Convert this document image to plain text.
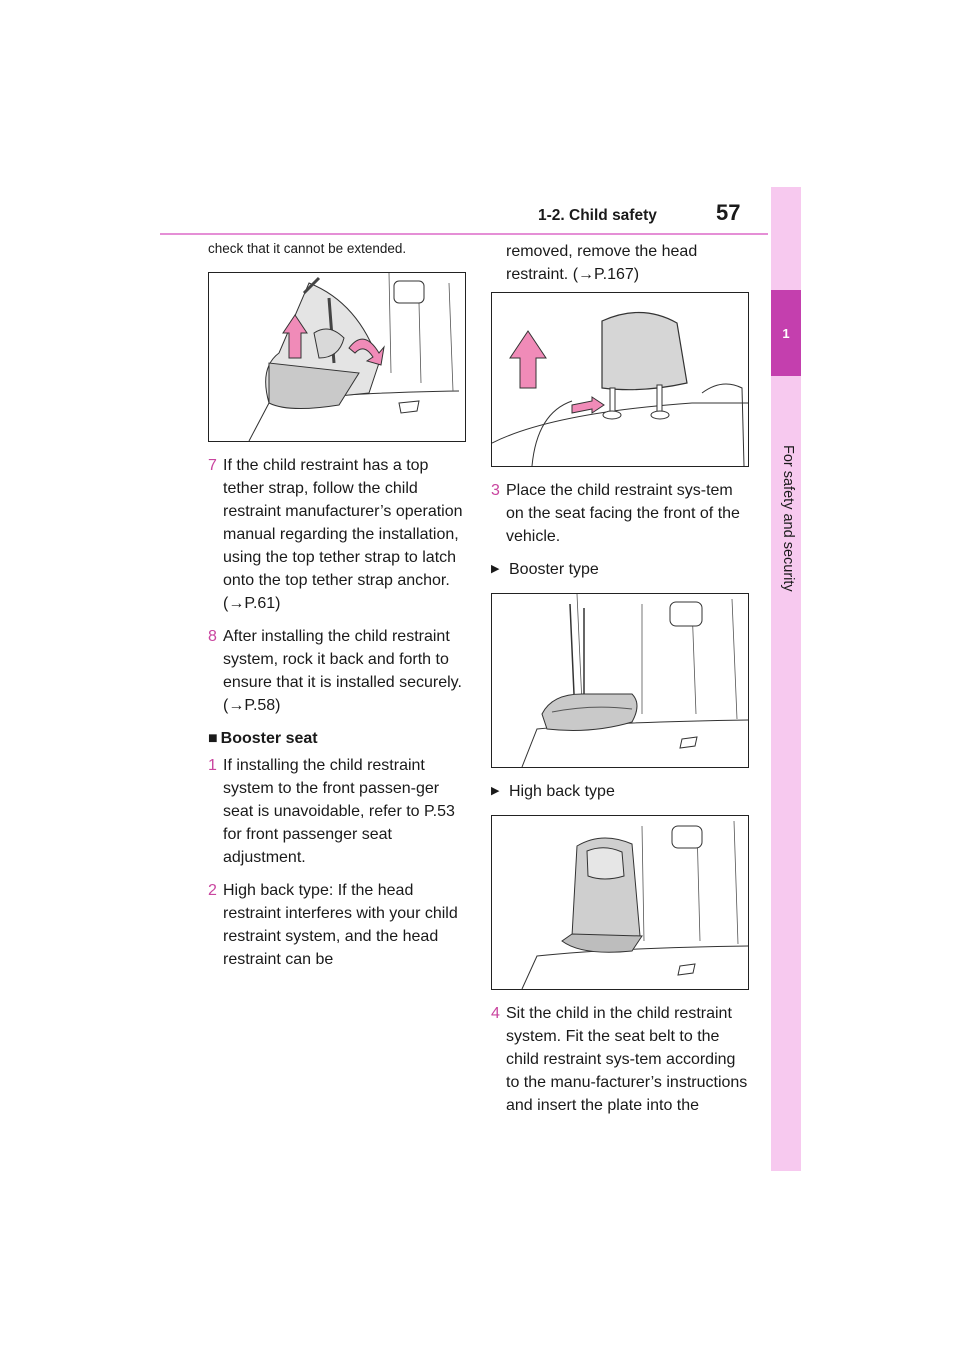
1-2. Child safety	57
1
For safety and security

check that it cannot be extended.

7 If the child restraint has a top tether strap, follow the child restraint manufacturer’s operation manual regarding the installation, using the top tether strap to latch onto the top tether strap anchor. (→P.61)
8 After installing the child restraint system, rock it back and forth to ensure that it is installed securely. (→P.58)
■ Booster seat
1 If installing the child restraint system to the front passen-ger seat is unavoidable, refer to P.53 for front passenger seat adjustment.
2 High back type: If the head restraint interferes with your child restraint system, and the head restraint can be

removed, remove the head restraint. (→P.167)

3 Place the child restraint sys-tem on the seat facing the front of the vehicle.
▶ Booster type
▶ High back type
4 Sit the child in the child restraint system. Fit the seat belt to the child restraint sys-tem according to the manu-facturer’s instructions and insert the plate into the
